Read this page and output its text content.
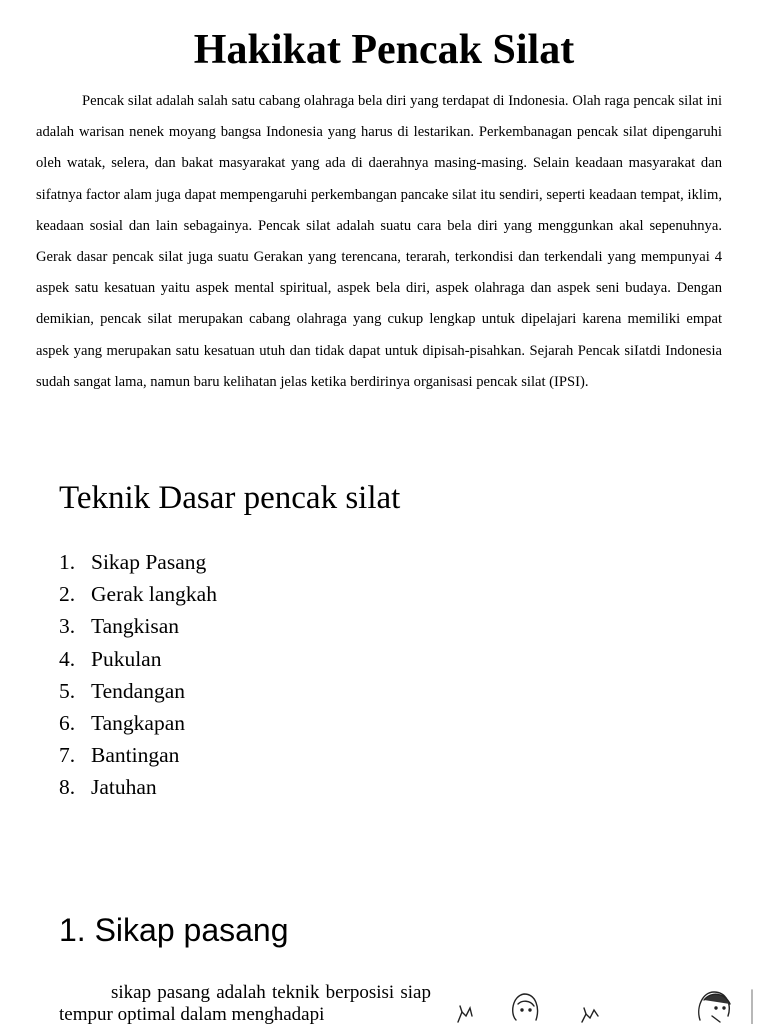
Hakikat Pencak Silat

Pencak silat adalah salah satu cabang olahraga bela diri yang terdapat di Indonesia. Olah raga pencak silat ini adalah warisan nenek moyang bangsa Indonesia yang harus di lestarikan. Perkembanagan pencak silat dipengaruhi oleh watak, selera, dan bakat masyarakat yang ada di daerahnya masing-masing. Selain keadaan masyarakat dan sifatnya factor alam juga dapat mempengaruhi perkembangan pancake silat itu sendiri, seperti keadaan tempat, iklim, keadaan sosial dan lain sebagainya. Pencak silat adalah suatu cara bela diri yang menggunkan akal sepenuhnya. Gerak dasar pencak silat juga suatu Gerakan yang terencana, terarah, terkondisi dan terkendali yang mempunyai 4 aspek satu kesatuan yaitu aspek mental spiritual, aspek bela diri, aspek olahraga dan aspek seni budaya. Dengan demikian, pencak silat merupakan cabang olahraga yang cukup lengkap untuk dipelajari karena memiliki empat aspek yang merupakan satu kesatuan utuh dan tidak dapat untuk dipisah-pisahkan. Sejarah Pencak siIatdi Indonesia sudah sangat lama, namun baru kelihatan jelas ketika berdirinya organisasi pencak silat (IPSI).

Teknik Dasar pencak silat
1. Sikap Pasang
2. Gerak langkah
3. Tangkisan
4. Pukulan
5. Tendangan
6. Tangkapan
7. Bantingan
8. Jatuhan
1. Sikap pasang

sikap pasang adalah teknik berposisi siap tempur optimal dalam menghadapi
